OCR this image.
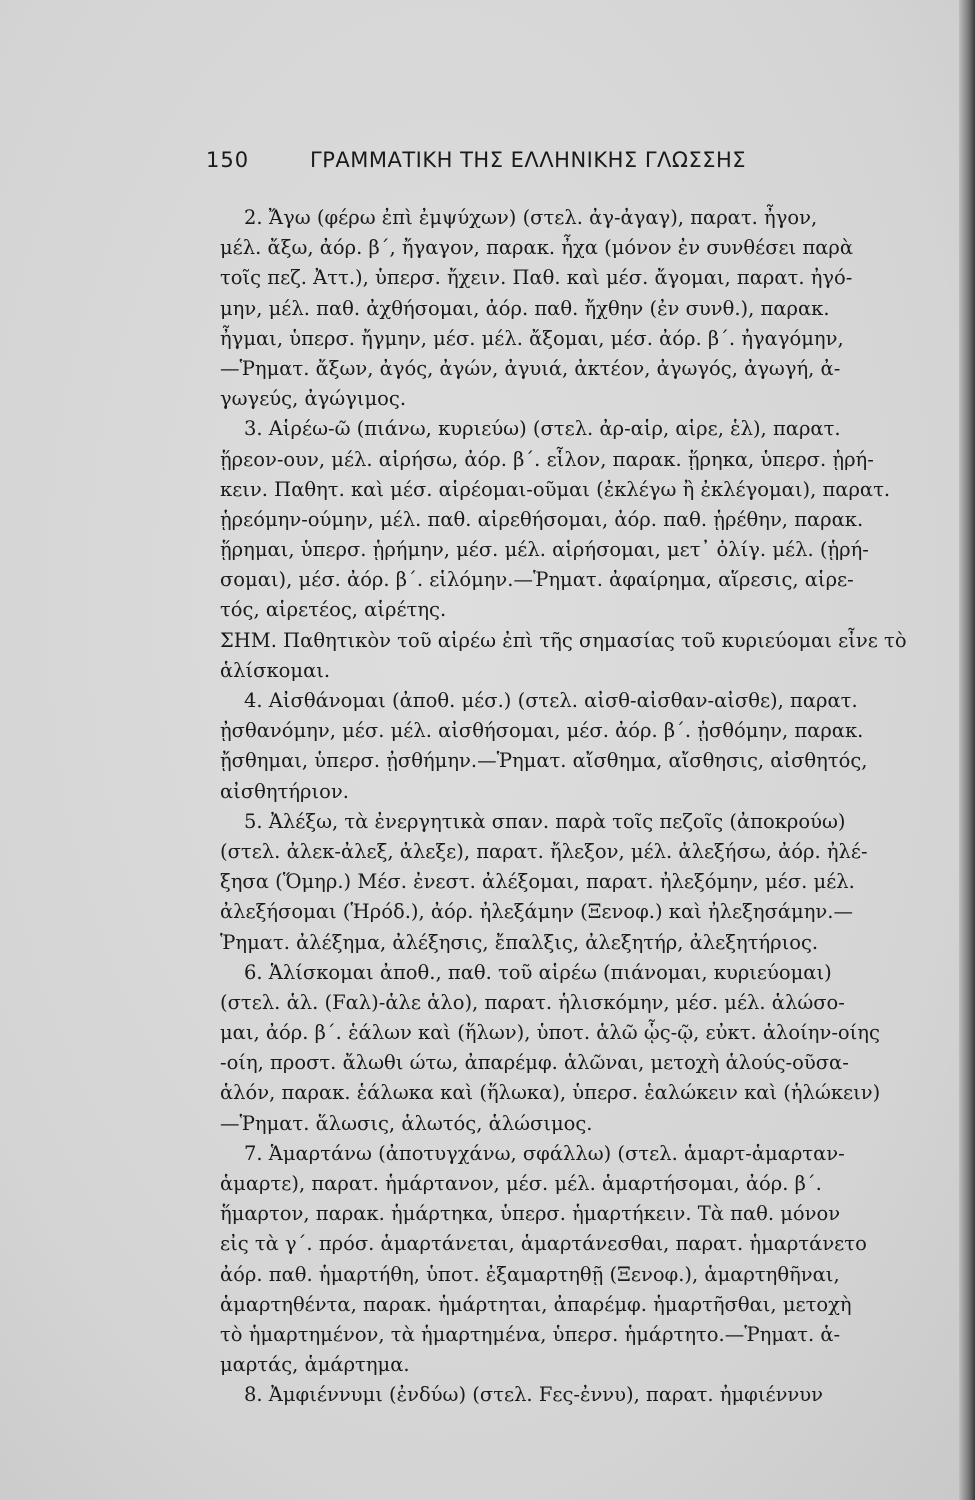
150	ΓΡΑΜΜΑΤΙΚΗ ΤΗΣ ΕΛΛΗΝΙΚΗΣ ΓΛΩΣΣΗΣ
2. Ἄγω (φέρω ἐπὶ ἐμψύχων) (στελ. ἀγ-ἀγαγ), παρατ. ἦγον,
μέλ. ἄξω, ἀόρ. β΄, ἤγαγον, παρακ. ἦχα (μόνον ἐν συνθέσει παρὰ
τοῖς πεζ. Ἀττ.), ὑπερσ. ἤχειν. Παθ. καὶ μέσ. ἄγομαι, παρατ. ἠγό-
μην, μέλ. παθ. ἀχθήσομαι, ἀόρ. παθ. ἤχθην (ἐν συνθ.), παρακ.
ἦγμαι, ὑπερσ. ἤγμην, μέσ. μέλ. ἄξομαι, μέσ. ἀόρ. β΄. ἠγαγόμην,
—Ῥηματ. ἄξων, ἀγός, ἀγών, ἀγυιά, ἀκτέον, ἀγωγός, ἀγωγή, ἀ-
γωγεύς, ἀγώγιμος.
3. Αἱρέω-ῶ (πιάνω, κυριεύω) (στελ. ἀρ-αἱρ, αἱρε, ἑλ), παρατ.
ᾕρεον-ουν, μέλ. αἱρήσω, ἀόρ. β΄. εἷλον, παρακ. ᾕρηκα, ὑπερσ. ᾑρή-
κειν. Παθητ. καὶ μέσ. αἱρέομαι-οῦμαι (ἐκλέγω ἢ ἐκλέγομαι), παρατ.
ᾑρεόμην-ούμην, μέλ. παθ. αἱρεθήσομαι, ἀόρ. παθ. ᾑρέθην, παρακ.
ᾕρημαι, ὑπερσ. ᾑρήμην, μέσ. μέλ. αἱρήσομαι, μετ᾽ ὀλίγ. μέλ. (ᾑρή-
σομαι), μέσ. ἀόρ. β΄. εἱλόμην.—Ῥηματ. ἀφαίρημα, αἵρεσις, αἱρε-
τός, αἱρετέος, αἱρέτης.
ΣΗΜ. Παθητικὸν τοῦ αἱρέω ἐπὶ τῆς σημασίας τοῦ κυριεύομαι εἶνε τὸ
ἁλίσκομαι.
4. Αἰσθάνομαι (ἀποθ. μέσ.) (στελ. αἰσθ-αἰσθαν-αἰσθε), παρατ.
ᾐσθανόμην, μέσ. μέλ. αἰσθήσομαι, μέσ. ἀόρ. β΄. ᾐσθόμην, παρακ.
ᾔσθημαι, ὑπερσ. ᾐσθήμην.—Ῥηματ. αἴσθημα, αἴσθησις, αἰσθητός,
αἰσθητήριον.
5. Ἀλέξω, τὰ ἐνεργητικὰ σπαν. παρὰ τοῖς πεζοῖς (ἀποκρούω)
(στελ. ἀλεκ-ἀλεξ, ἀλεξε), παρατ. ἤλεξον, μέλ. ἀλεξήσω, ἀόρ. ἠλέ-
ξησα (Ὅμηρ.) Μέσ. ἐνεστ. ἀλέξομαι, παρατ. ἠλεξόμην, μέσ. μέλ.
ἀλεξήσομαι (Ἡρόδ.), ἀόρ. ἠλεξάμην (Ξενοφ.) καὶ ἠλεξησάμην.—
Ῥηματ. ἀλέξημα, ἀλέξησις, ἔπαλξις, ἀλεξητήρ, ἀλεξητήριος.
6. Ἁλίσκομαι ἀποθ., παθ. τοῦ αἱρέω (πιάνομαι, κυριεύομαι)
(στελ. ἁλ. (Fαλ)-ἁλε ἁλο), παρατ. ἡλισκόμην, μέσ. μέλ. ἁλώσο-
μαι, ἀόρ. β΄. ἑάλων καὶ (ἥλων), ὑποτ. ἁλῶ ᾧς-ῷ, εὐκτ. ἁλοίην-οίης
-οίη, προστ. ἄλωθι ώτω, ἀπαρέμφ. ἁλῶναι, μετοχὴ ἁλούς-οῦσα-
ἁλόν, παρακ. ἑάλωκα καὶ (ἥλωκα), ὑπερσ. ἑαλώκειν καὶ (ἡλώκειν)
—Ῥηματ. ἅλωσις, ἁλωτός, ἁλώσιμος.
7. Ἁμαρτάνω (ἀποτυγχάνω, σφάλλω) (στελ. ἁμαρτ-ἁμαρταν-
ἁμαρτε), παρατ. ἡμάρτανον, μέσ. μέλ. ἁμαρτήσομαι, ἀόρ. β΄.
ἥμαρτον, παρακ. ἡμάρτηκα, ὑπερσ. ἡμαρτήκειν. Τὰ παθ. μόνον
εἰς τὰ γ΄. πρόσ. ἁμαρτάνεται, ἁμαρτάνεσθαι, παρατ. ἡμαρτάνετο
ἀόρ. παθ. ἡμαρτήθη, ὑποτ. ἐξαμαρτηθῇ (Ξενοφ.), ἁμαρτηθῆναι,
ἁμαρτηθέντα, παρακ. ἡμάρτηται, ἀπαρέμφ. ἡμαρτῆσθαι, μετοχὴ
τὸ ἡμαρτημένον, τὰ ἡμαρτημένα, ὑπερσ. ἡμάρτητο.—Ῥηματ. ἁ-
μαρτάς, ἁμάρτημα.
8. Ἀμφιέννυμι (ἐνδύω) (στελ. Fες-ἐννυ), παρατ. ἠμφιέννυν
